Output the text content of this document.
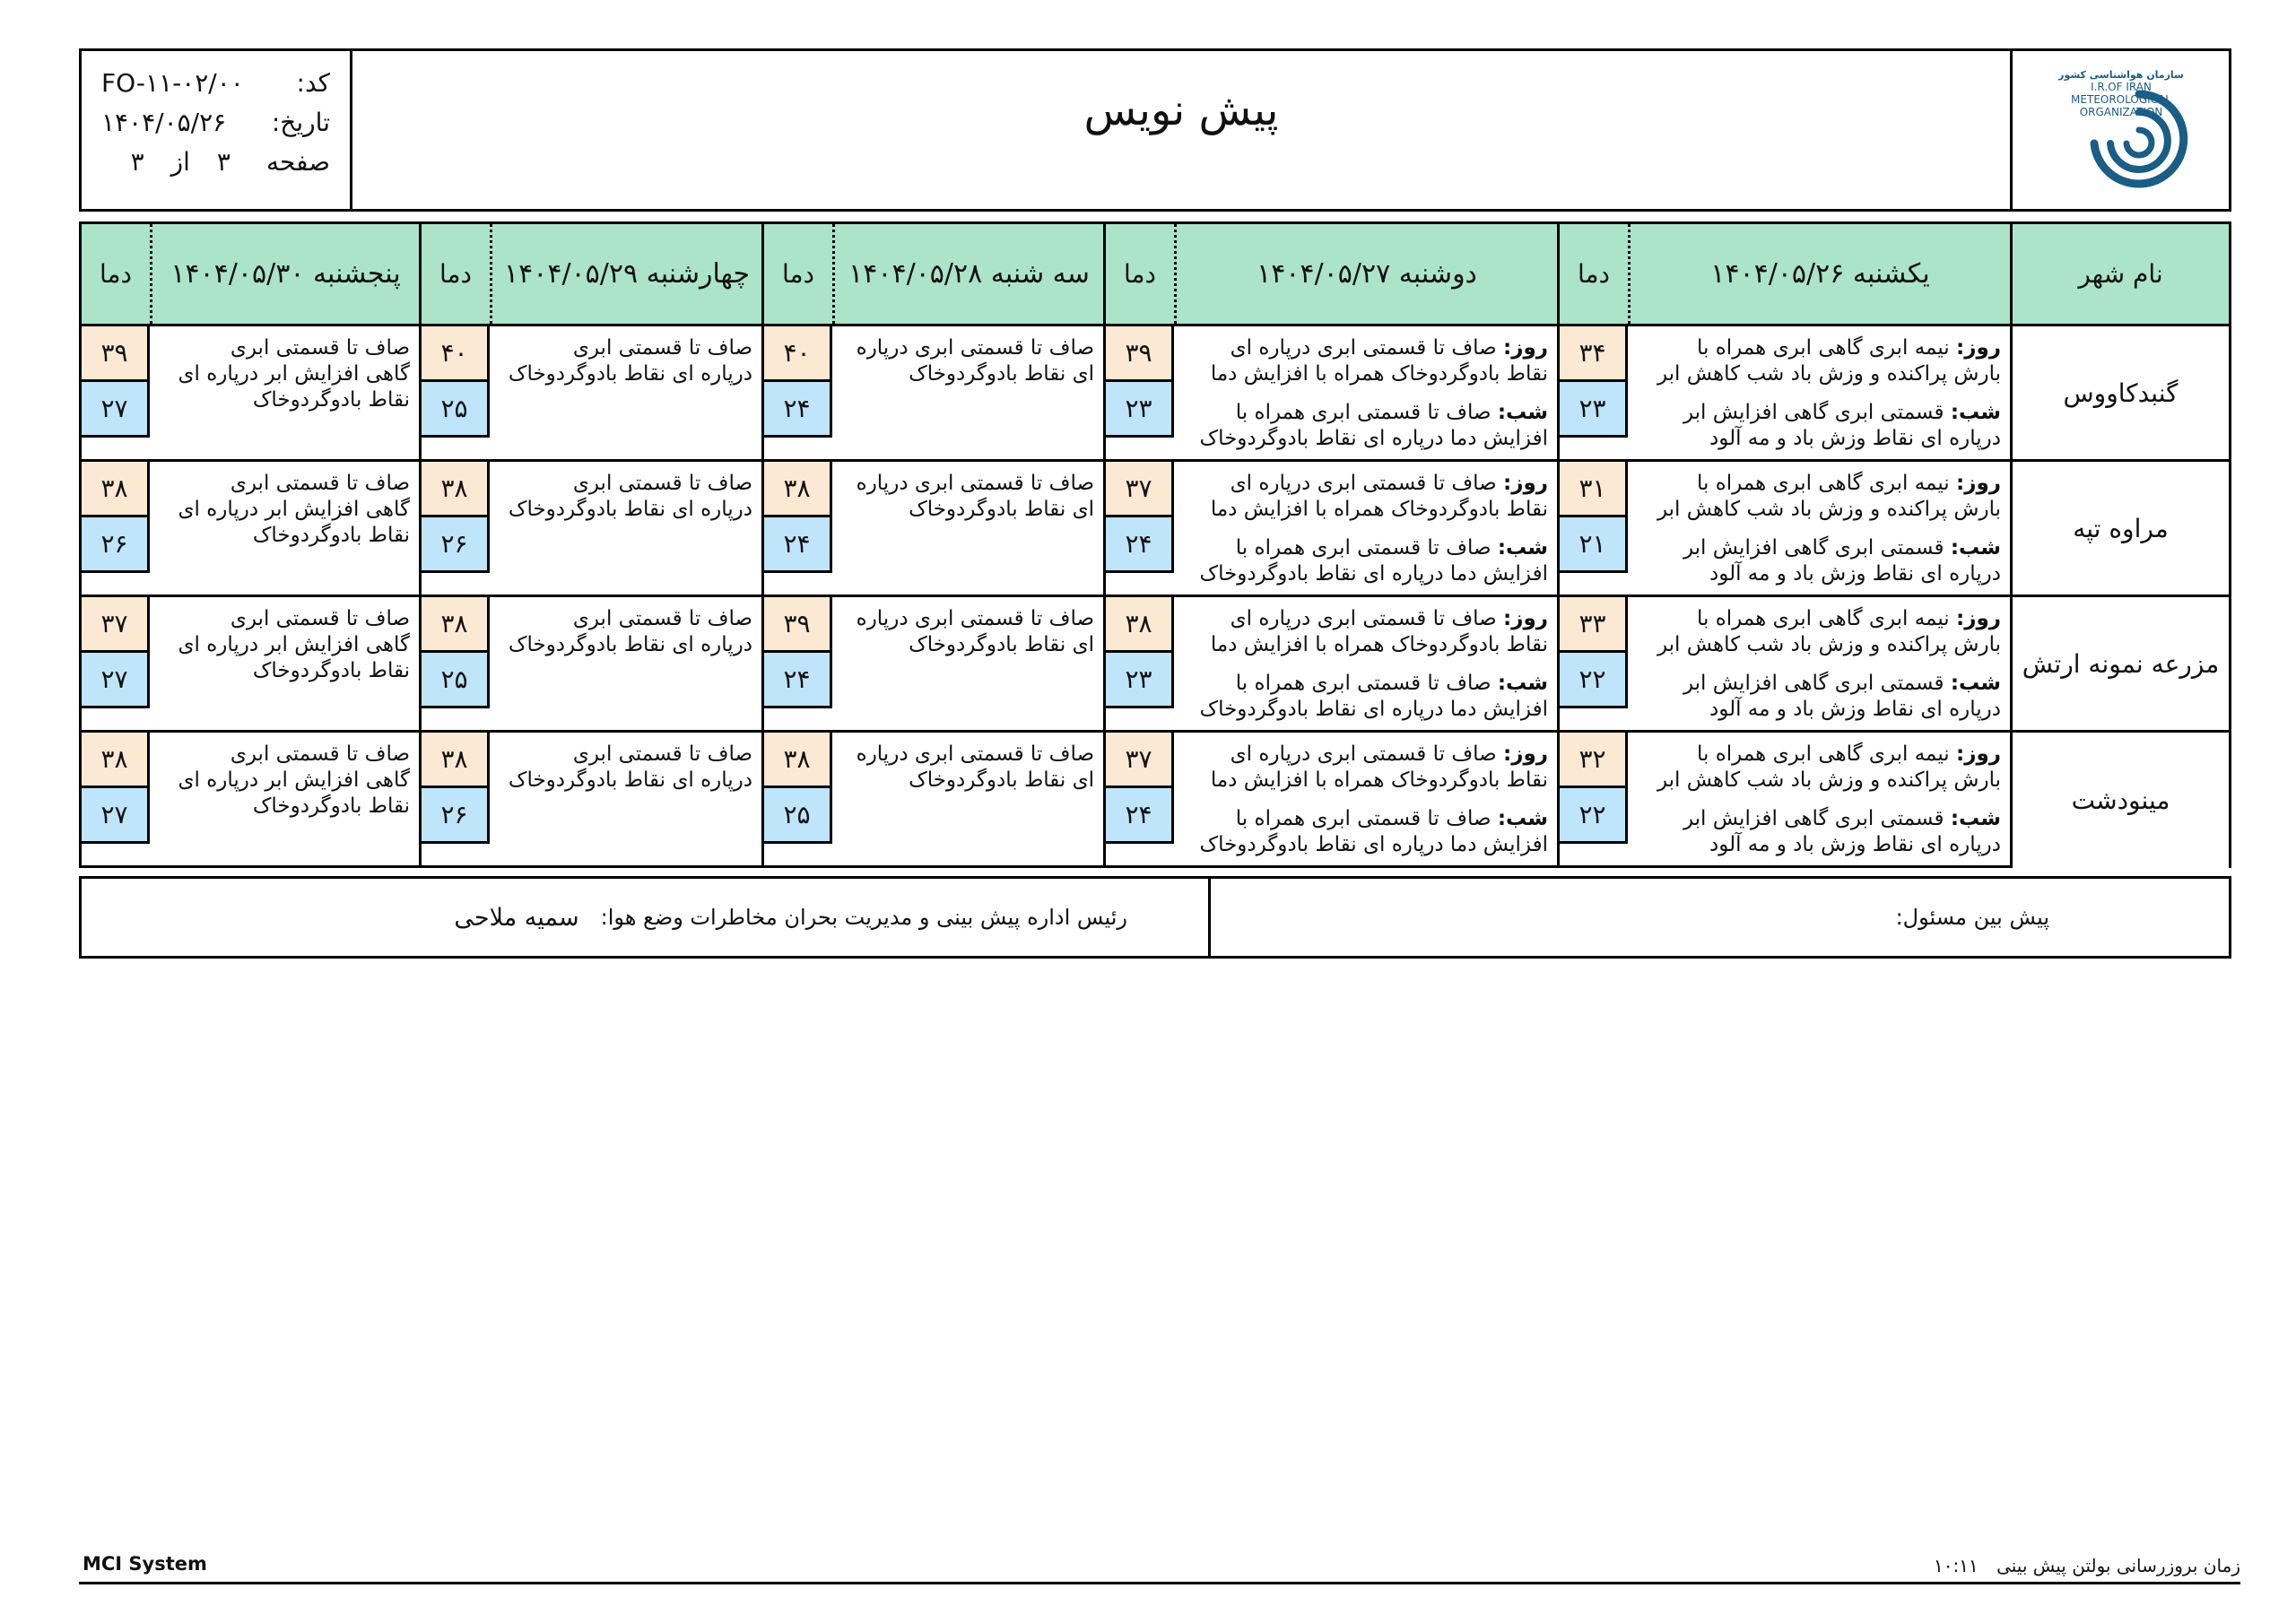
FO-۱۱-۰۲/۰۰ کد:
۱۴۰۴/۰۵/۲۶ تاریخ:
صفحه
۳
از
۳
پیش نویس
سازمان هواشناسی کشور
I.R.OF IRAN
METEOROLOGICAL
ORGANIZATION
نام شهر
یکشنبه ۱۴۰۴/۰۵/۲۶
دما
دوشنبه ۱۴۰۴/۰۵/۲۷
دما
سه شنبه ۱۴۰۴/۰۵/۲۸
دما
چهارشنبه ۱۴۰۴/۰۵/۲۹
دما
پنجشنبه ۱۴۰۴/۰۵/۳۰
دما
گنبدکاووس
روز: نیمه ابری گاهی ابری همراه با
بارش پراکنده و وزش باد شب کاهش ابر
شب: قسمتی ابری گاهی افزایش ابر
درپاره ای نقاط وزش باد و مه آلود
۳۴
۲۳
روز: صاف تا قسمتی ابری درپاره ای
نقاط بادوگردوخاک همراه با افزایش دما
شب: صاف تا قسمتی ابری همراه با
افزایش دما درپاره ای نقاط بادوگردوخاک
۳۹
۲۳
صاف تا قسمتی ابری درپاره
ای نقاط بادوگردوخاک
۴۰
۲۴
صاف تا قسمتی ابری
درپاره ای نقاط بادوگردوخاک
۴۰
۲۵
صاف تا قسمتی ابری
گاهی افزایش ابر درپاره ای
نقاط بادوگردوخاک
۳۹
۲۷
مراوه تپه
روز: نیمه ابری گاهی ابری همراه با
بارش پراکنده و وزش باد شب کاهش ابر
شب: قسمتی ابری گاهی افزایش ابر
درپاره ای نقاط وزش باد و مه آلود
۳۱
۲۱
روز: صاف تا قسمتی ابری درپاره ای
نقاط بادوگردوخاک همراه با افزایش دما
شب: صاف تا قسمتی ابری همراه با
افزایش دما درپاره ای نقاط بادوگردوخاک
۳۷
۲۴
صاف تا قسمتی ابری درپاره
ای نقاط بادوگردوخاک
۳۸
۲۴
صاف تا قسمتی ابری
درپاره ای نقاط بادوگردوخاک
۳۸
۲۶
صاف تا قسمتی ابری
گاهی افزایش ابر درپاره ای
نقاط بادوگردوخاک
۳۸
۲۶
مزرعه نمونه ارتش
روز: نیمه ابری گاهی ابری همراه با
بارش پراکنده و وزش باد شب کاهش ابر
شب: قسمتی ابری گاهی افزایش ابر
درپاره ای نقاط وزش باد و مه آلود
۳۳
۲۲
روز: صاف تا قسمتی ابری درپاره ای
نقاط بادوگردوخاک همراه با افزایش دما
شب: صاف تا قسمتی ابری همراه با
افزایش دما درپاره ای نقاط بادوگردوخاک
۳۸
۲۳
صاف تا قسمتی ابری درپاره
ای نقاط بادوگردوخاک
۳۹
۲۴
صاف تا قسمتی ابری
درپاره ای نقاط بادوگردوخاک
۳۸
۲۵
صاف تا قسمتی ابری
گاهی افزایش ابر درپاره ای
نقاط بادوگردوخاک
۳۷
۲۷
مینودشت
روز: نیمه ابری گاهی ابری همراه با
بارش پراکنده و وزش باد شب کاهش ابر
شب: قسمتی ابری گاهی افزایش ابر
درپاره ای نقاط وزش باد و مه آلود
۳۲
۲۲
روز: صاف تا قسمتی ابری درپاره ای
نقاط بادوگردوخاک همراه با افزایش دما
شب: صاف تا قسمتی ابری همراه با
افزایش دما درپاره ای نقاط بادوگردوخاک
۳۷
۲۴
صاف تا قسمتی ابری درپاره
ای نقاط بادوگردوخاک
۳۸
۲۵
صاف تا قسمتی ابری
درپاره ای نقاط بادوگردوخاک
۳۸
۲۶
صاف تا قسمتی ابری
گاهی افزایش ابر درپاره ای
نقاط بادوگردوخاک
۳۸
۲۷
پیش بین مسئول:
رئیس اداره پیش بینی و مدیریت بحران مخاطرات وضع هوا:
سمیه ملاحی
MCI System	زمان بروزرسانی بولتن پیش بینی ۱۰:۱۱
